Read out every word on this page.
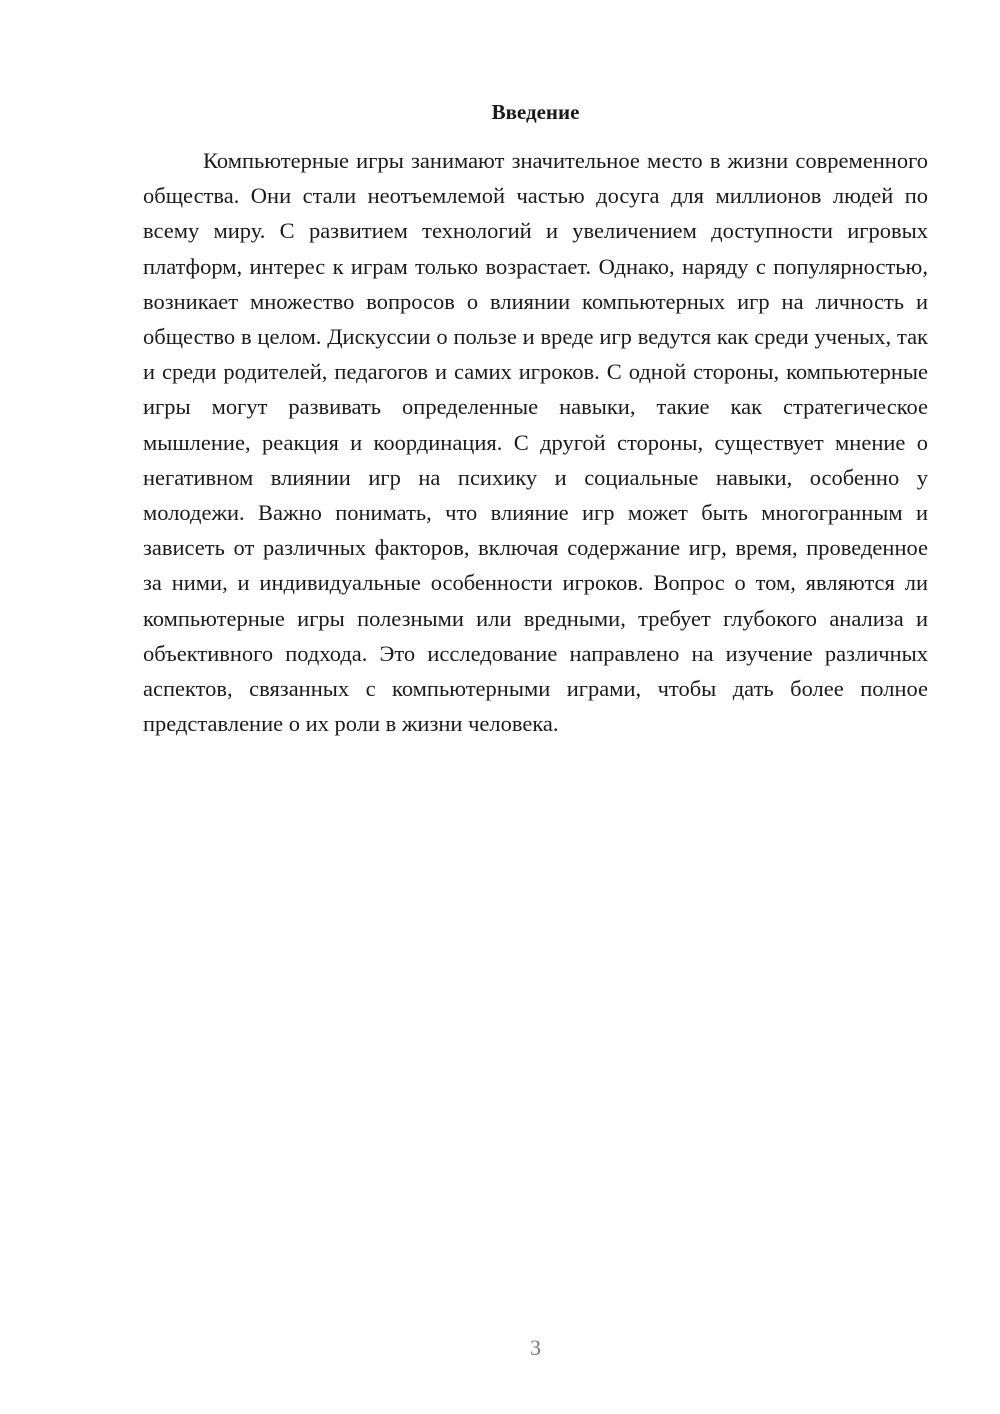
Введение

Компьютерные игры занимают значительное место в жизни современного общества. Они стали неотъемлемой частью досуга для миллионов людей по всему миру. С развитием технологий и увеличением доступности игровых платформ, интерес к играм только возрастает. Однако, наряду с популярностью, возникает множество вопросов о влиянии компьютерных игр на личность и общество в целом. Дискуссии о пользе и вреде игр ведутся как среди ученых, так и среди родителей, педагогов и самих игроков. С одной стороны, компьютерные игры могут развивать определенные навыки, такие как стратегическое мышление, реакция и координация. С другой стороны, существует мнение о негативном влиянии игр на психику и социальные навыки, особенно у молодежи. Важно понимать, что влияние игр может быть многогранным и зависеть от различных факторов, включая содержание игр, время, проведенное за ними, и индивидуальные особенности игроков. Вопрос о том, являются ли компьютерные игры полезными или вредными, требует глубокого анализа и объективного подхода. Это исследование направлено на изучение различных аспектов, связанных с компьютерными играми, чтобы дать более полное представление о их роли в жизни человека.

3
